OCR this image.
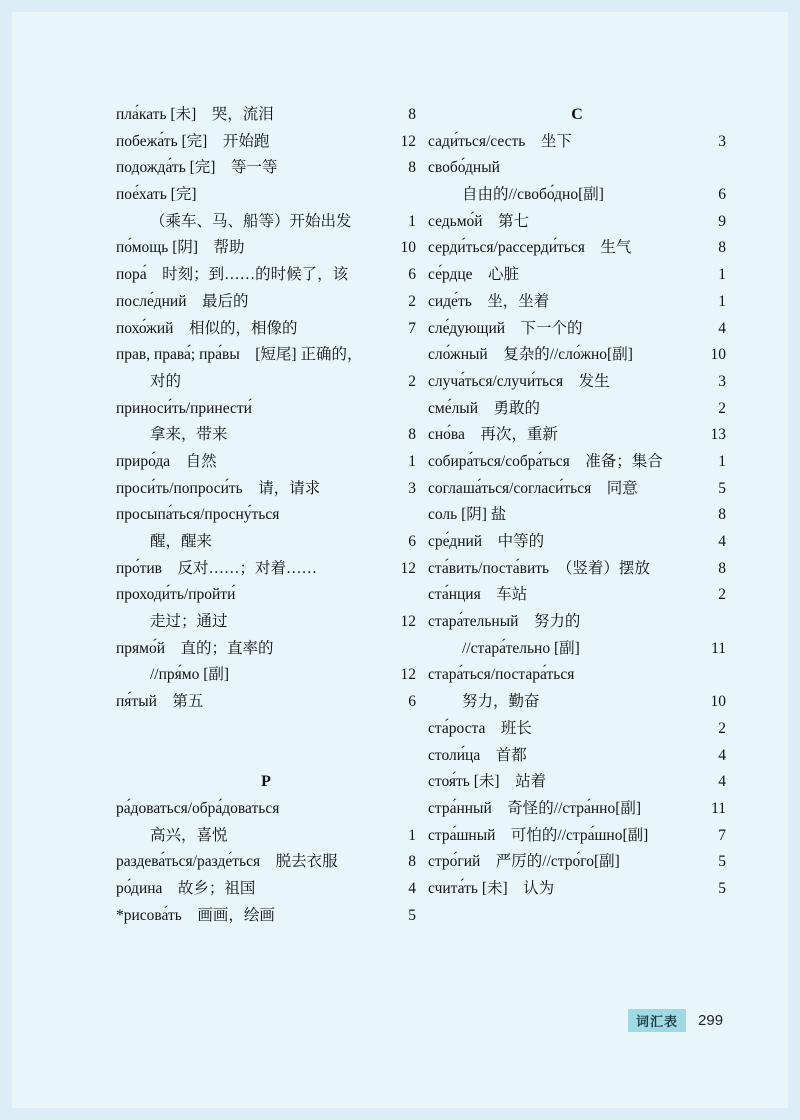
пла́кать [未]　哭，流泪	8
побежа́ть [完]　开始跑	12
подожда́ть [完]　等一等	8
пое́хать [完]
（乘车、马、船等）开始出发	1
по́мощь [阴]　帮助	10
пора́　时刻；到……的时候了，该	6
после́дний　最后的	2
похо́жий　相似的，相像的	7
прав, права́; пра́вы　[短尾] 正确的，
对的	2
приноси́ть/принести́
拿来，带来	8
приро́да　自然	1
проси́ть/попроси́ть　请，请求	3
просыпа́ться/просну́ться
醒，醒来	6
про́тив　反对……；对着……	12
проходи́ть/пройти́
走过；通过	12
прямо́й　直的；直率的
//пря́мо [副]	12
пя́тый　第五	6
Р
ра́доваться/обра́доваться
高兴，喜悦	1
раздева́ться/разде́ться　脱去衣服	8
ро́дина　故乡；祖国	4
*рисова́ть　画画，绘画	5
С
сади́ться/сесть　坐下	3
свобо́дный
自由的//свобо́дно[副]	6
седьмо́й　第七	9
серди́ться/рассерди́ться　生气	8
се́рдце　心脏	1
сиде́ть　坐，坐着	1
сле́дующий　下一个的	4
сло́жный　复杂的//сло́жно[副]	10
случа́ться/случи́ться　发生	3
сме́лый　勇敢的	2
сно́ва　再次，重新	13
собира́ться/собра́ться　准备；集合	1
соглаша́ться/согласи́ться　同意	5
соль [阴] 盐	8
сре́дний　中等的	4
ста́вить/поста́вить　（竖着）摆放	8
ста́нция　车站	2
стара́тельный　努力的
//стара́тельно [副]	11
стара́ться/постара́ться
努力，勤奋	10
ста́роста　班长	2
столи́ца　首都	4
стоя́ть [未]　站着	4
стра́нный　奇怪的//стра́нно[副]	11
стра́шный　可怕的//стра́шно[副]	7
стро́гий　严厉的//стро́го[副]	5
счита́ть [未]　认为	5
词汇表	299
